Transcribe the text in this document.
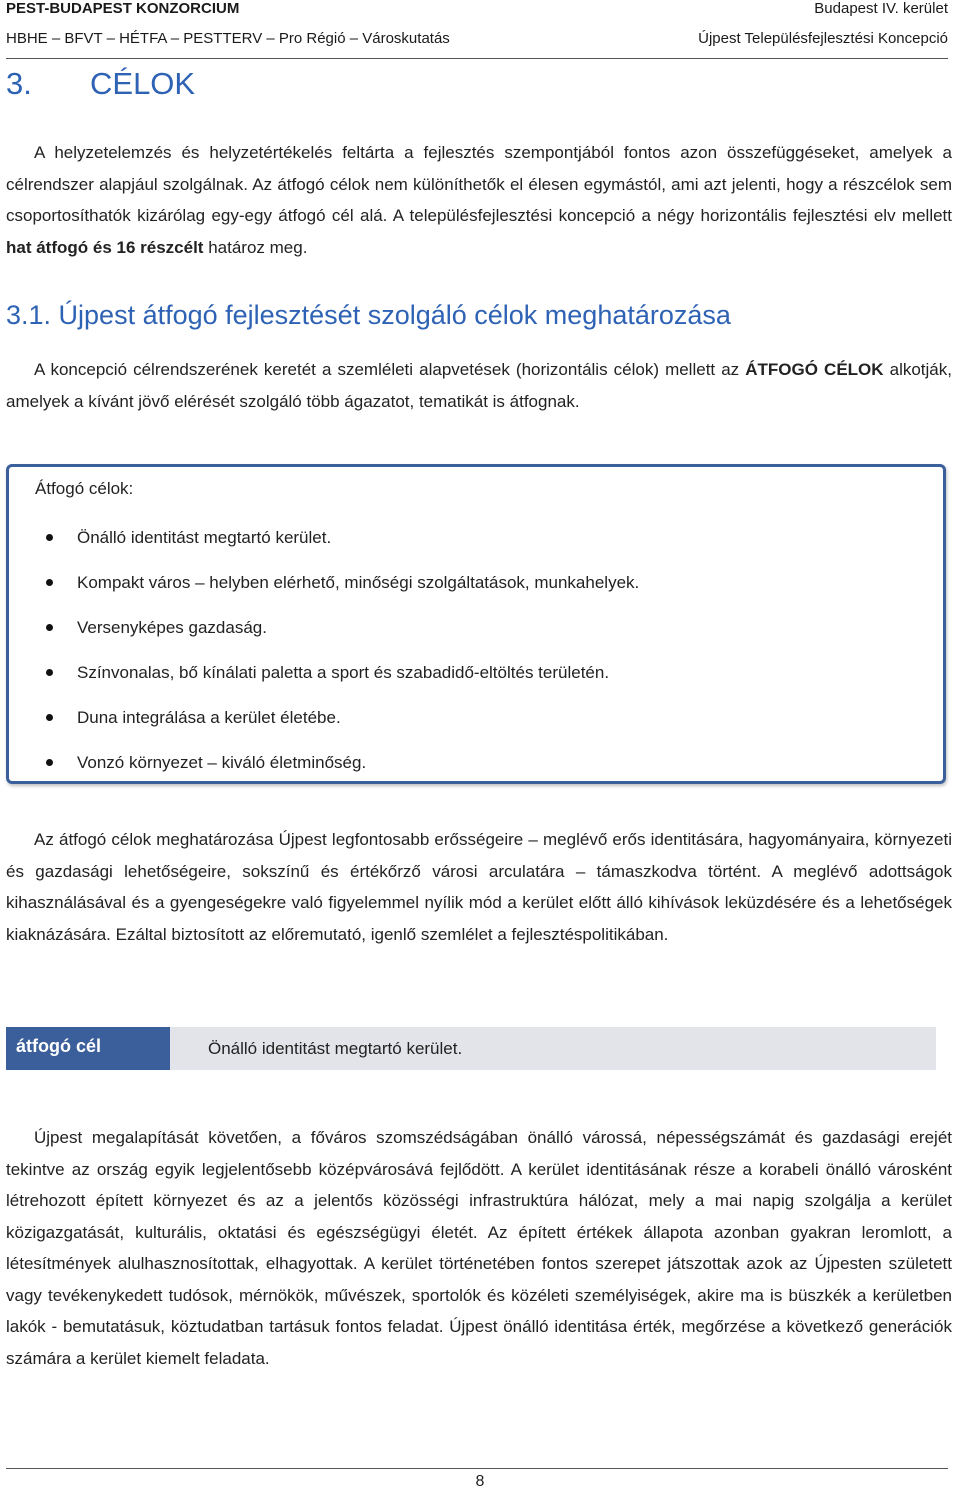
PEST-BUDAPEST KONZORCIUM	Budapest IV. kerület
HBHE – BFVT – HÉTFA – PESTTERV – Pro Régió – Városkutatás	Újpest Településfejlesztési Koncepció
3. CÉLOK
A helyzetelemzés és helyzetértékelés feltárta a fejlesztés szempontjából fontos azon összefüggéseket, amelyek a célrendszer alapjául szolgálnak. Az átfogó célok nem különíthetők el élesen egymástól, ami azt jelenti, hogy a részcélok sem csoportosíthatók kizárólag egy-egy átfogó cél alá. A településfejlesztési koncepció a négy horizontális fejlesztési elv mellett hat átfogó és 16 részcélt határoz meg.
3.1. Újpest átfogó fejlesztését szolgáló célok meghatározása
A koncepció célrendszerének keretét a szemléleti alapvetések (horizontális célok) mellett az ÁTFOGÓ CÉLOK alkotják, amelyek a kívánt jövő elérését szolgáló több ágazatot, tematikát is átfognak.
Átfogó célok:
Önálló identitást megtartó kerület.
Kompakt város – helyben elérhető, minőségi szolgáltatások, munkahelyek.
Versenyképes gazdaság.
Színvonalas, bő kínálati paletta a sport és szabadidő-eltöltés területén.
Duna integrálása a kerület életébe.
Vonzó környezet – kiváló életminőség.
Az átfogó célok meghatározása Újpest legfontosabb erősségeire – meglévő erős identitására, hagyományaira, környezeti és gazdasági lehetőségeire, sokszínű és értékőrző városi arculatára – támaszkodva történt. A meglévő adottságok kihasználásával és a gyengeségekre való figyelemmel nyílik mód a kerület előtt álló kihívások leküzdésére és a lehetőségek kiaknázására. Ezáltal biztosított az előremutató, igenlő szemlélet a fejlesztéspolitikában.
átfogó cél	Önálló identitást megtartó kerület.
Újpest megalapítását követően, a főváros szomszédságában önálló várossá, népességszámát és gazdasági erejét tekintve az ország egyik legjelentősebb középvárosává fejlődött. A kerület identitásának része a korabeli önálló városként létrehozott épített környezet és az a jelentős közösségi infrastruktúra hálózat, mely a mai napig szolgálja a kerület közigazgatását, kulturális, oktatási és egészségügyi életét. Az épített értékek állapota azonban gyakran leromlott, a létesítmények alulhasznosítottak, elhagyottak. A kerület történetében fontos szerepet játszottak azok az Újpesten született vagy tevékenykedett tudósok, mérnökök, művészek, sportolók és közéleti személyiségek, akire ma is büszkék a kerületben lakók - bemutatásuk, köztudatban tartásuk fontos feladat. Újpest önálló identitása érték, megőrzése a következő generációk számára a kerület kiemelt feladata.
8
